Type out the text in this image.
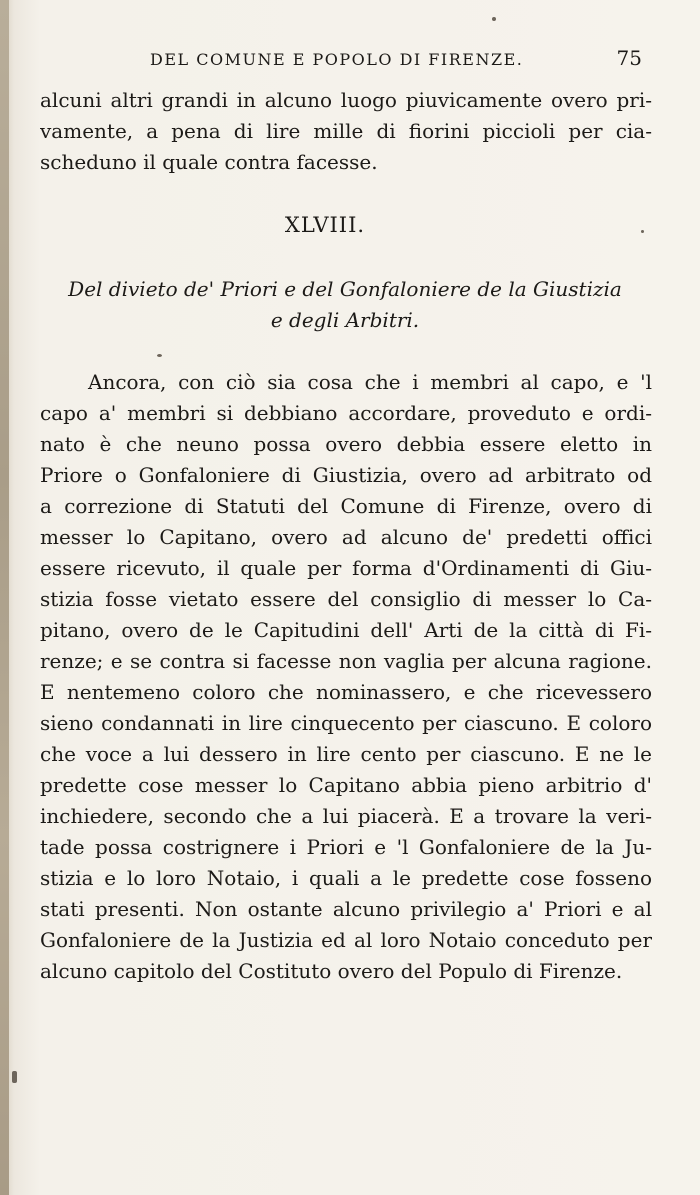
DEL COMUNE E POPOLO DI FIRENZE.	75
alcuni altri grandi in alcuno luogo piuvicamente overo pri-
vamente, a pena di lire mille di fiorini piccioli per cia-
scheduno il quale contra facesse.
XLVIII.
Del divieto de' Priori e del Gonfaloniere de la Giustizia
e degli Arbitri.
Ancora, con ciò sia cosa che i membri al capo, e 'l
capo a' membri si debbiano accordare, proveduto e ordi-
nato è che neuno possa overo debbia essere eletto in
Priore o Gonfaloniere di Giustizia, overo ad arbitrato od
a correzione di Statuti del Comune di Firenze, overo di
messer lo Capitano, overo ad alcuno de' predetti offici
essere ricevuto, il quale per forma d'Ordinamenti di Giu-
stizia fosse vietato essere del consiglio di messer lo Ca-
pitano, overo de le Capitudini dell' Arti de la città di Fi-
renze; e se contra si facesse non vaglia per alcuna ragione.
E nentemeno coloro che nominassero, e che ricevessero
sieno condannati in lire cinquecento per ciascuno. E coloro
che voce a lui dessero in lire cento per ciascuno. E ne le
predette cose messer lo Capitano abbia pieno arbitrio d'
inchiedere, secondo che a lui piacerà. E a trovare la veri-
tade possa costrignere i Priori e 'l Gonfaloniere de la Ju-
stizia e lo loro Notaio, i quali a le predette cose fosseno
stati presenti. Non ostante alcuno privilegio a' Priori e al
Gonfaloniere de la Justizia ed al loro Notaio conceduto per
alcuno capitolo del Costituto overo del Populo di Firenze.
